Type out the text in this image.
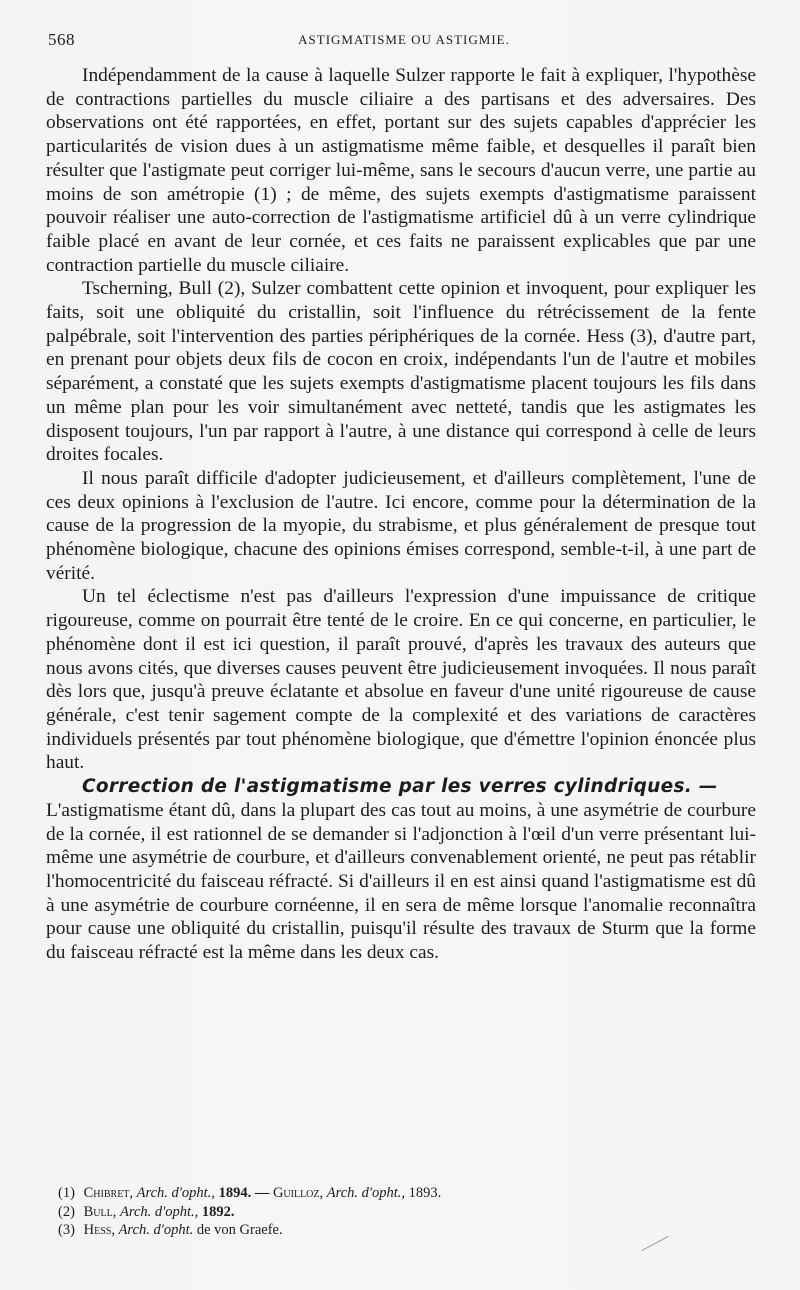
568	ASTIGMATISME OU ASTIGMIE.

Indépendamment de la cause à laquelle Sulzer rapporte le fait à expliquer, l'hypothèse de contractions partielles du muscle ciliaire a des partisans et des adversaires. Des observations ont été rapportées, en effet, portant sur des sujets capables d'apprécier les particularités de vision dues à un astigmatisme même faible, et desquelles il paraît bien résulter que l'astigmate peut corriger lui-même, sans le secours d'aucun verre, une partie au moins de son amétropie (1) ; de même, des sujets exempts d'astigmatisme paraissent pouvoir réaliser une auto-correction de l'astigmatisme artificiel dû à un verre cylindrique faible placé en avant de leur cornée, et ces faits ne paraissent explicables que par une contraction partielle du muscle ciliaire.

Tscherning, Bull (2), Sulzer combattent cette opinion et invoquent, pour expliquer les faits, soit une obliquité du cristallin, soit l'influence du rétrécissement de la fente palpébrale, soit l'intervention des parties périphériques de la cornée. Hess (3), d'autre part, en prenant pour objets deux fils de cocon en croix, indépendants l'un de l'autre et mobiles séparément, a constaté que les sujets exempts d'astigmatisme placent toujours les fils dans un même plan pour les voir simultanément avec netteté, tandis que les astigmates les disposent toujours, l'un par rapport à l'autre, à une distance qui correspond à celle de leurs droites focales.

Il nous paraît difficile d'adopter judicieusement, et d'ailleurs complètement, l'une de ces deux opinions à l'exclusion de l'autre. Ici encore, comme pour la détermination de la cause de la progression de la myopie, du strabisme, et plus généralement de presque tout phénomène biologique, chacune des opinions émises correspond, semble-t-il, à une part de vérité.

Un tel éclectisme n'est pas d'ailleurs l'expression d'une impuissance de critique rigoureuse, comme on pourrait être tenté de le croire. En ce qui concerne, en particulier, le phénomène dont il est ici question, il paraît prouvé, d'après les travaux des auteurs que nous avons cités, que diverses causes peuvent être judicieusement invoquées. Il nous paraît dès lors que, jusqu'à preuve éclatante et absolue en faveur d'une unité rigoureuse de cause générale, c'est tenir sagement compte de la complexité et des variations de caractères individuels présentés par tout phénomène biologique, que d'émettre l'opinion énoncée plus haut.

Correction de l'astigmatisme par les verres cylindriques. —
L'astigmatisme étant dû, dans la plupart des cas tout au moins, à une asymétrie de courbure de la cornée, il est rationnel de se demander si l'adjonction à l'œil d'un verre présentant lui-même une asymétrie de courbure, et d'ailleurs convenablement orienté, ne peut pas rétablir l'homocentricité du faisceau réfracté. Si d'ailleurs il en est ainsi quand l'astigmatisme est dû à une asymétrie de courbure cornéenne, il en sera de même lorsque l'anomalie reconnaîtra pour cause une obliquité du cristallin, puisqu'il résulte des travaux de Sturm que la forme du faisceau réfracté est la même dans les deux cas.

(1) Chibret, Arch. d'opht., 1894. — Guilloz, Arch. d'opht., 1893.
(2) Bull, Arch. d'opht., 1892.
(3) Hess, Arch. d'opht. de von Graefe.
